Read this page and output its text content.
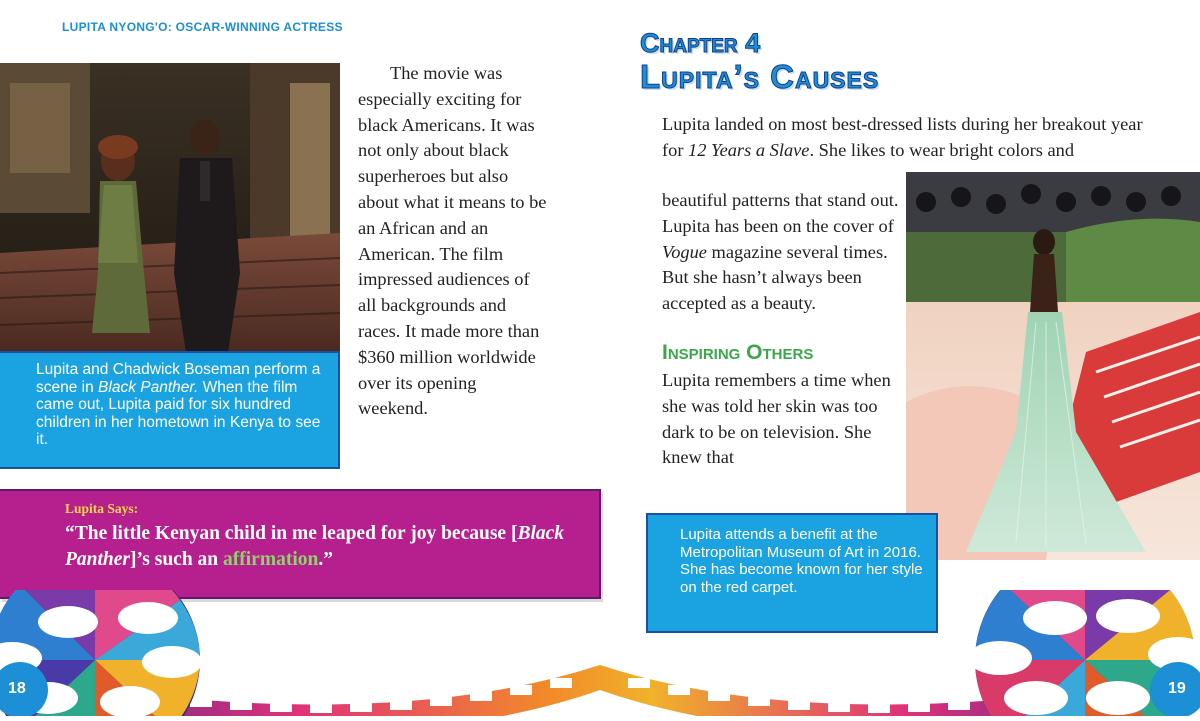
LUPITA NYONG'O: OSCAR-WINNING ACTRESS
Lupita and Chadwick Boseman perform a scene in Black Panther. When the film came out, Lupita paid for six hundred children in her hometown in Kenya to see it.

The movie was especially exciting for black Americans. It was not only about black superheroes but also about what it means to be an African and an American. The film impressed audiences of all backgrounds and races. It made more than $360 million worldwide over its opening weekend.

Lupita Says:
“The little Kenyan child in me leaped for joy because [Black Panther]’s such an affirmation.”
Chapter 4
Lupita’s Causes

Lupita landed on most best-dressed lists during her breakout year for 12 Years a Slave. She likes to wear bright colors and

beautiful patterns that stand out. Lupita has been on the cover of Vogue magazine several times. But she hasn’t always been accepted as a beauty.

Inspiring Others

Lupita remembers a time when she was told her skin was too dark to be on television. She knew that

Lupita attends a benefit at the Metropolitan Museum of Art in 2016. She has become known for her style on the red carpet.
18	19
